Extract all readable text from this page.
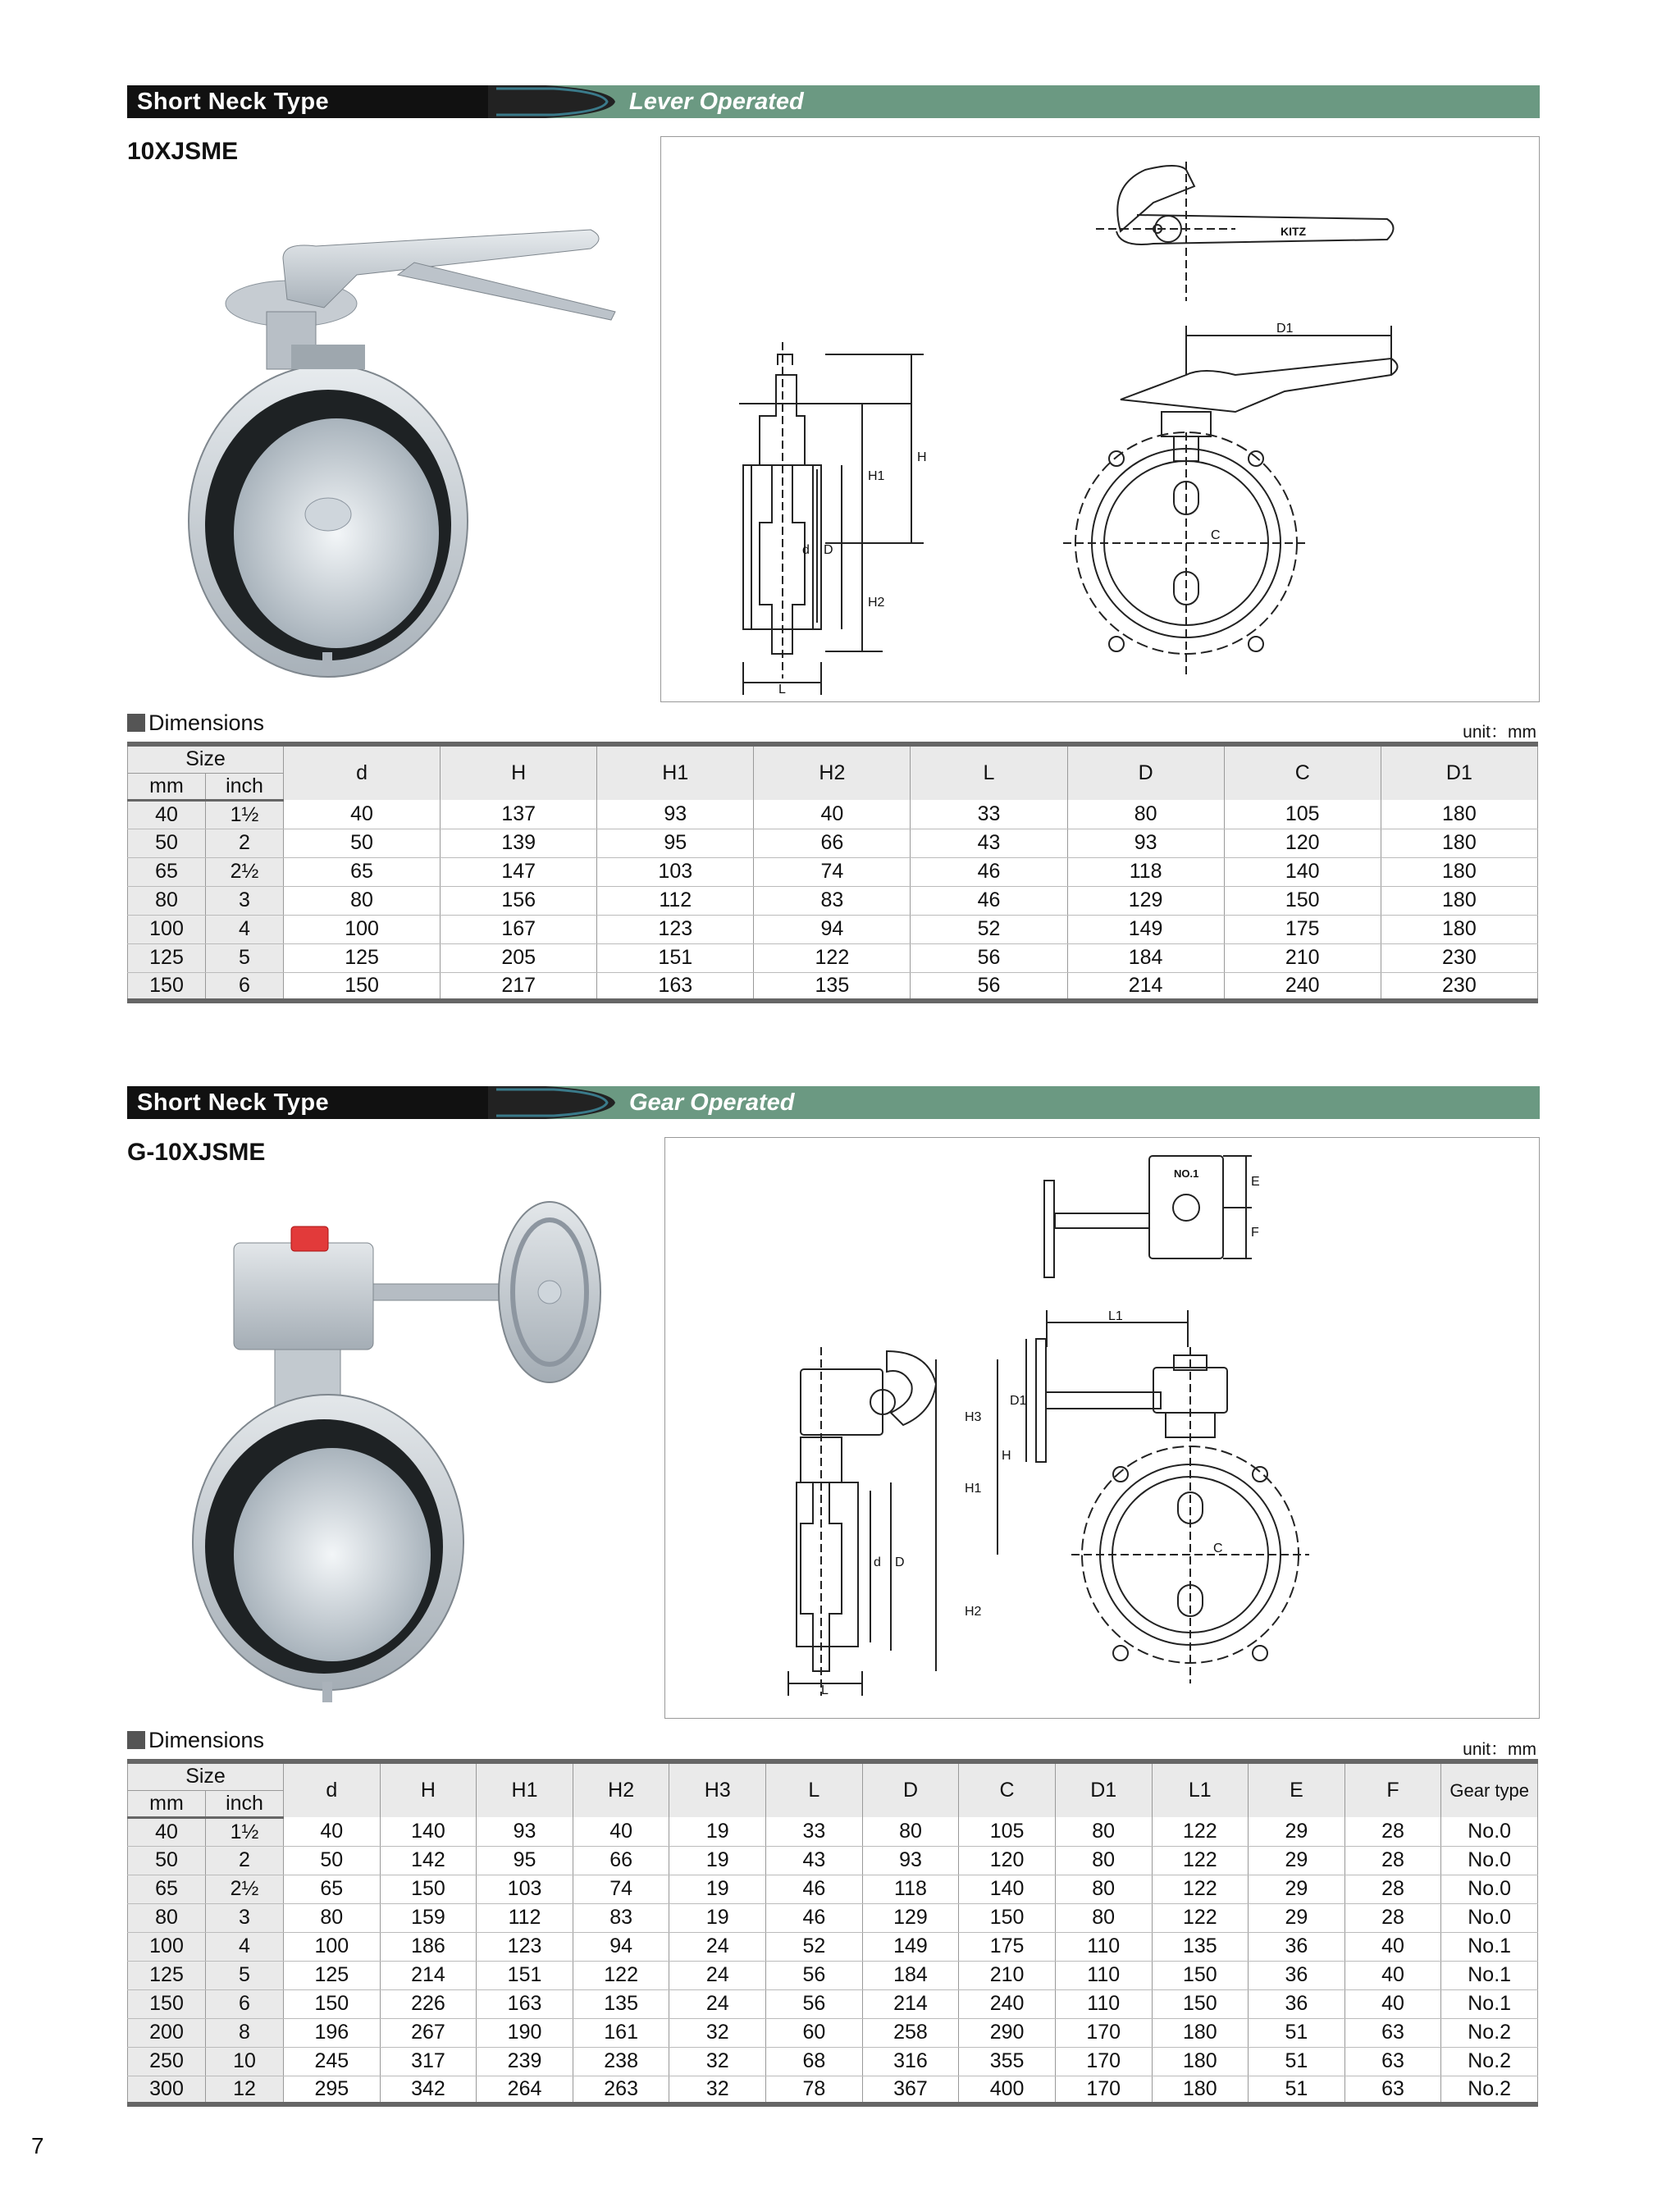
Short Neck Type	Lever Operated
10XJSME
D1
KITZ
C
H
H1
H2
D
d
L
Dimensions	unit：mm
Size		d	H	H1	H2	L	D	C	D1
mm	inch								
40	1½	40	137	93	40	33	80	105	180
50	2	50	139	95	66	43	93	120	180
65	2½	65	147	103	74	46	118	140	180
80	3	80	156	112	83	46	129	150	180
100	4	100	167	123	94	52	149	175	180
125	5	125	205	151	122	56	184	210	230
150	6	150	217	163	135	56	214	240	230
Short Neck Type	Gear Operated
G-10XJSME
NO.1
E
F
L1
D1
C
H3
H
H1
H2
D
d
L
Dimensions	unit：mm
Size		d	H	H1	H2	H3	L	D	C	D1	L1	E	F	Gear type
mm	inch													
40	1½	40	140	93	40	19	33	80	105	80	122	29	28	No.0
50	2	50	142	95	66	19	43	93	120	80	122	29	28	No.0
65	2½	65	150	103	74	19	46	118	140	80	122	29	28	No.0
80	3	80	159	112	83	19	46	129	150	80	122	29	28	No.0
100	4	100	186	123	94	24	52	149	175	110	135	36	40	No.1
125	5	125	214	151	122	24	56	184	210	110	150	36	40	No.1
150	6	150	226	163	135	24	56	214	240	110	150	36	40	No.1
200	8	196	267	190	161	32	60	258	290	170	180	51	63	No.2
250	10	245	317	239	238	32	68	316	355	170	180	51	63	No.2
300	12	295	342	264	263	32	78	367	400	170	180	51	63	No.2
7
